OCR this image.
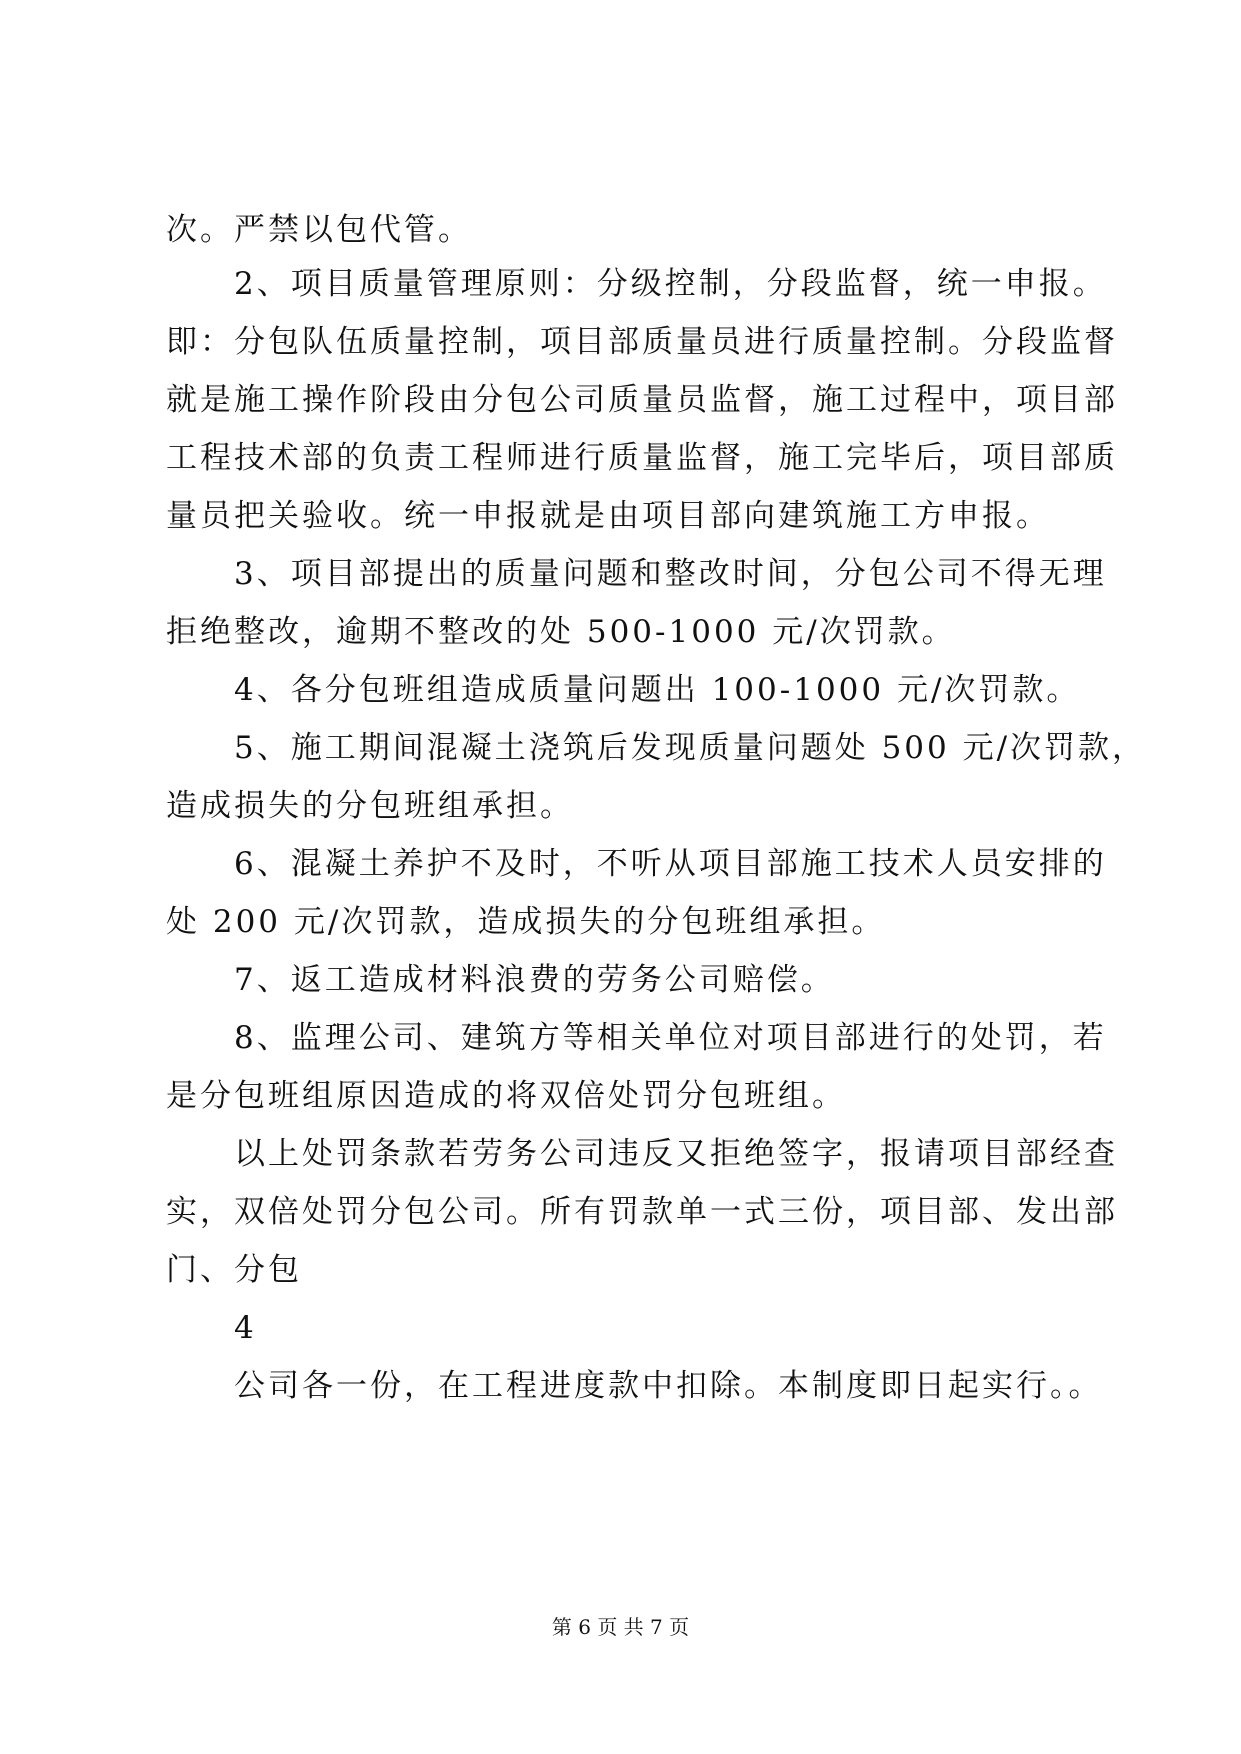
次。严禁以包代管。
2、项目质量管理原则：分级控制，分段监督，统一申报。
即：分包队伍质量控制，项目部质量员进行质量控制。分段监督
就是施工操作阶段由分包公司质量员监督，施工过程中，项目部
工程技术部的负责工程师进行质量监督，施工完毕后，项目部质
量员把关验收。统一申报就是由项目部向建筑施工方申报。
3、项目部提出的质量问题和整改时间，分包公司不得无理
拒绝整改，逾期不整改的处 500-1000 元/次罚款。
4、各分包班组造成质量问题出 100-1000 元/次罚款。
5、施工期间混凝土浇筑后发现质量问题处 500 元/次罚款，
造成损失的分包班组承担。
6、混凝土养护不及时，不听从项目部施工技术人员安排的
处 200 元/次罚款，造成损失的分包班组承担。
7、返工造成材料浪费的劳务公司赔偿。
8、监理公司、建筑方等相关单位对项目部进行的处罚，若
是分包班组原因造成的将双倍处罚分包班组。
以上处罚条款若劳务公司违反又拒绝签字，报请项目部经查
实，双倍处罚分包公司。所有罚款单一式三份，项目部、发出部
门、分包
4
公司各一份，在工程进度款中扣除。本制度即日起实行。。
第 6 页 共 7 页
